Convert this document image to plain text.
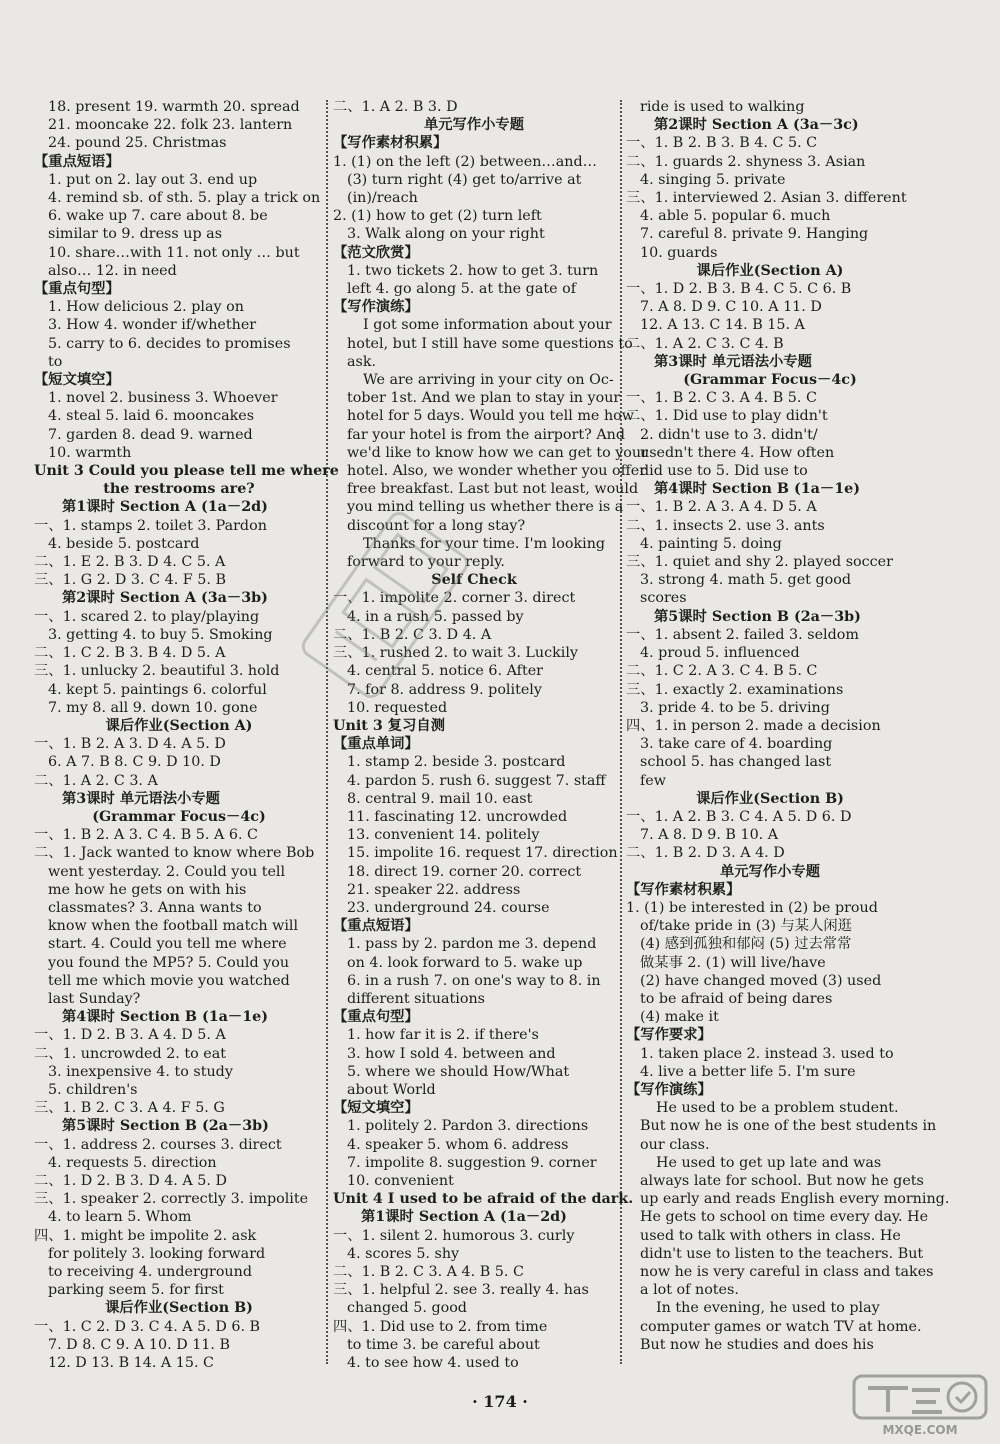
18. present 19. warmth 20. spread
21. mooncake 22. folk 23. lantern
24. pound 25. Christmas
【重点短语】
1. put on 2. lay out 3. end up
4. remind sb. of sth. 5. play a trick on
6. wake up 7. care about 8. be
similar to 9. dress up as
10. share…with 11. not only … but
also… 12. in need
【重点句型】
1. How delicious 2. play on
3. How 4. wonder if/whether
5. carry to 6. decides to promises
to
【短文填空】
1. novel 2. business 3. Whoever
4. steal 5. laid 6. mooncakes
7. garden 8. dead 9. warned
10. warmth
Unit 3 Could you please tell me where
the restrooms are?
第1课时 Section A (1a－2d)
一、1. stamps 2. toilet 3. Pardon
4. beside 5. postcard
二、1. E 2. B 3. D 4. C 5. A
三、1. G 2. D 3. C 4. F 5. B
第2课时 Section A (3a－3b)
一、1. scared 2. to play/playing
3. getting 4. to buy 5. Smoking
二、1. C 2. B 3. B 4. D 5. A
三、1. unlucky 2. beautiful 3. hold
4. kept 5. paintings 6. colorful
7. my 8. all 9. down 10. gone
课后作业(Section A)
一、1. B 2. A 3. D 4. A 5. D
6. A 7. B 8. C 9. D 10. D
二、1. A 2. C 3. A
第3课时 单元语法小专题
(Grammar Focus－4c)
一、1. B 2. A 3. C 4. B 5. A 6. C
二、1. Jack wanted to know where Bob
went yesterday. 2. Could you tell
me how he gets on with his
classmates? 3. Anna wants to
know when the football match will
start. 4. Could you tell me where
you found the MP5? 5. Could you
tell me which movie you watched
last Sunday?
第4课时 Section B (1a－1e)
一、1. D 2. B 3. A 4. D 5. A
二、1. uncrowded 2. to eat
3. inexpensive 4. to study
5. children's
三、1. B 2. C 3. A 4. F 5. G
第5课时 Section B (2a－3b)
一、1. address 2. courses 3. direct
4. requests 5. direction
二、1. D 2. B 3. D 4. A 5. D
三、1. speaker 2. correctly 3. impolite
4. to learn 5. Whom
四、1. might be impolite 2. ask
for politely 3. looking forward
to receiving 4. underground
parking seem 5. for first
课后作业(Section B)
一、1. C 2. D 3. C 4. A 5. D 6. B
7. D 8. C 9. A 10. D 11. B
12. D 13. B 14. A 15. C
二、1. A 2. B 3. D
单元写作小专题
【写作素材积累】
1. (1) on the left (2) between…and…
(3) turn right (4) get to/arrive at
(in)/reach
2. (1) how to get (2) turn left
3. Walk along on your right
【范文欣赏】
1. two tickets 2. how to get 3. turn
left 4. go along 5. at the gate of
【写作演练】
I got some information about your
hotel, but I still have some questions to
ask.
We are arriving in your city on Oc-
tober 1st. And we plan to stay in your
hotel for 5 days. Would you tell me how
far your hotel is from the airport? And
we'd like to know how we can get to your
hotel. Also, we wonder whether you offer
free breakfast. Last but not least, would
you mind telling us whether there is a
discount for a long stay?
Thanks for your time. I'm looking
forward to your reply.
Self Check
一、1. impolite 2. corner 3. direct
4. in a rush 5. passed by
二、1. B 2. C 3. D 4. A
三、1. rushed 2. to wait 3. Luckily
4. central 5. notice 6. After
7. for 8. address 9. politely
10. requested
Unit 3 复习自测
【重点单词】
1. stamp 2. beside 3. postcard
4. pardon 5. rush 6. suggest 7. staff
8. central 9. mail 10. east
11. fascinating 12. uncrowded
13. convenient 14. politely
15. impolite 16. request 17. direction
18. direct 19. corner 20. correct
21. speaker 22. address
23. underground 24. course
【重点短语】
1. pass by 2. pardon me 3. depend
on 4. look forward to 5. wake up
6. in a rush 7. on one's way to 8. in
different situations
【重点句型】
1. how far it is 2. if there's
3. how I sold 4. between and
5. where we should How/What
about World
【短文填空】
1. politely 2. Pardon 3. directions
4. speaker 5. whom 6. address
7. impolite 8. suggestion 9. corner
10. convenient
Unit 4 I used to be afraid of the dark.
第1课时 Section A (1a－2d)
一、1. silent 2. humorous 3. curly
4. scores 5. shy
二、1. B 2. C 3. A 4. B 5. C
三、1. helpful 2. see 3. really 4. has
changed 5. good
四、1. Did use to 2. from time
to time 3. be careful about
4. to see how 4. used to
ride is used to walking
第2课时 Section A (3a－3c)
一、1. B 2. B 3. B 4. C 5. C
二、1. guards 2. shyness 3. Asian
4. singing 5. private
三、1. interviewed 2. Asian 3. different
4. able 5. popular 6. much
7. careful 8. private 9. Hanging
10. guards
课后作业(Section A)
一、1. D 2. B 3. B 4. C 5. C 6. B
7. A 8. D 9. C 10. A 11. D
12. A 13. C 14. B 15. A
二、1. A 2. C 3. C 4. B
第3课时 单元语法小专题
(Grammar Focus－4c)
一、1. B 2. C 3. A 4. B 5. C
二、1. Did use to play didn't
2. didn't use to 3. didn't/
usedn't there 4. How often
did use to 5. Did use to
第4课时 Section B (1a－1e)
一、1. B 2. A 3. A 4. D 5. A
二、1. insects 2. use 3. ants
4. painting 5. doing
三、1. quiet and shy 2. played soccer
3. strong 4. math 5. get good
scores
第5课时 Section B (2a－3b)
一、1. absent 2. failed 3. seldom
4. proud 5. influenced
二、1. C 2. A 3. C 4. B 5. C
三、1. exactly 2. examinations
3. pride 4. to be 5. driving
四、1. in person 2. made a decision
3. take care of 4. boarding
school 5. has changed last
few
课后作业(Section B)
一、1. A 2. B 3. C 4. A 5. D 6. D
7. A 8. D 9. B 10. A
二、1. B 2. D 3. A 4. D
单元写作小专题
【写作素材积累】
1. (1) be interested in (2) be proud
of/take pride in (3) 与某人闲逛
(4) 感到孤独和郁闷 (5) 过去常常
做某事 2. (1) will live/have
(2) have changed moved (3) used
to be afraid of being dares
(4) make it
【写作要求】
1. taken place 2. instead 3. used to
4. live a better life 5. I'm sure
【写作演练】
He used to be a problem student.
But now he is one of the best students in
our class.
He used to get up late and was
always late for school. But now he gets
up early and reads English every morning.
He gets to school on time every day. He
used to talk with others in class. He
didn't use to listen to the teachers. But
now he is very careful in class and takes
a lot of notes.
In the evening, he used to play
computer games or watch TV at home.
But now he studies and does his
· 174 ·
MXQE.COM
